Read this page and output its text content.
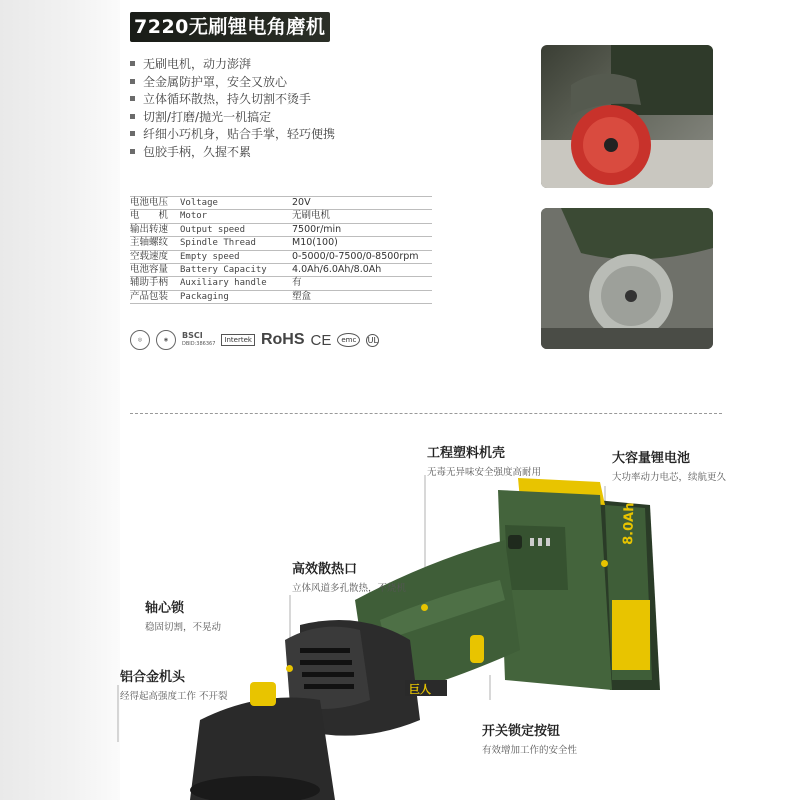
7220无刷锂电角磨机
无刷电机，动力澎湃
全金属防护罩，安全又放心
立体循环散热，持久切割不烫手
切割/打磨/抛光一机搞定
纤细小巧机身，贴合手掌，轻巧便携
包胶手柄，久握不累
电池电压	Voltage	20V
电　　机	Motor	无刷电机
输出转速	Output speed	7500r/min
主轴螺纹	Spindle Thread	M10(100)
空载速度	Empty speed	0-5000/0-7500/0-8500rpm
电池容量	Battery Capacity	4.0Ah/6.0Ah/8.0Ah
辅助手柄	Auxiliary handle	有
产品包装	Packaging	塑盒
◎	◉	BSCI
DBID:386367	Intertek RoHS CE	emc	UL
8.0Ah
巨人
工程塑料机壳
无毒无异味安全强度高耐用
大容量锂电池
大功率动力电芯，续航更久
高效散热口
立体风道多孔散热，不烧机
轴心锁
稳固切割，不晃动
铝合金机头
经得起高强度工作 不开裂
开关锁定按钮
有效增加工作的安全性
